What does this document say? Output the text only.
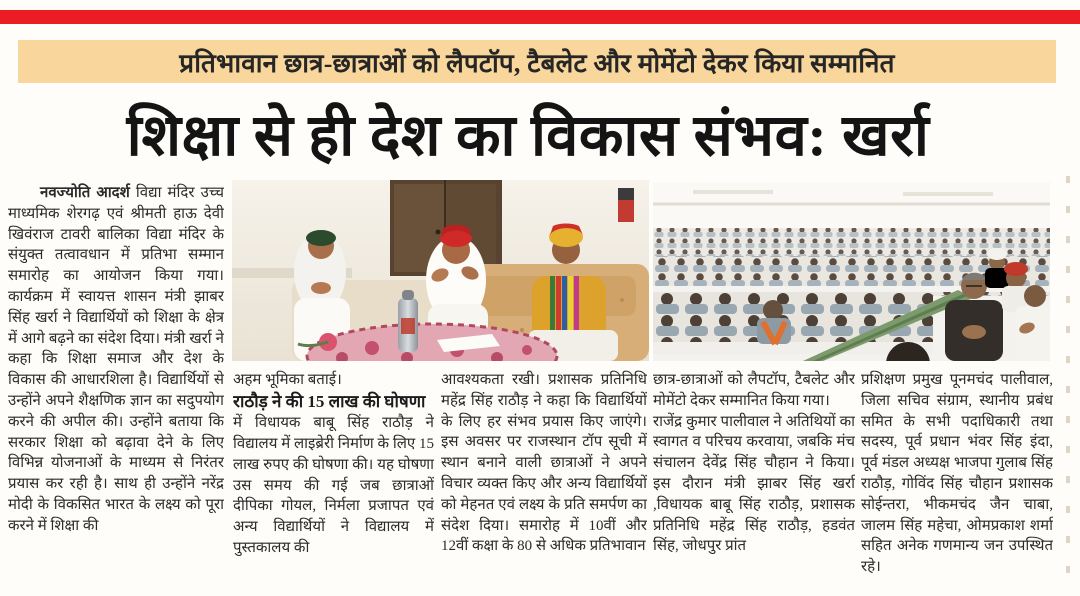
प्रतिभावान छात्र-छात्राओं को लैपटॉप, टैबलेट और मोमेंटो देकर किया सम्मानित
शिक्षा से ही देश का विकास संभव: खर्रा

नवज्योति आदर्श विद्या मंदिर उच्च माध्यमिक शेरगढ़ एवं श्रीमती हाऊ देवी खिवंराज टावरी बालिका विद्या मंदिर के संयुक्त तत्वावधान में प्रतिभा सम्मान समारोह का आयोजन किया गया। कार्यक्रम में स्वायत्त शासन मंत्री झाबर सिंह खर्रा ने विद्यार्थियों को शिक्षा के क्षेत्र में आगे बढ़ने का संदेश दिया। मंत्री खर्रा ने कहा कि शिक्षा समाज और देश के विकास की आधारशिला है। विद्यार्थियों से उन्होंने अपने शैक्षणिक ज्ञान का सदुपयोग करने की अपील की। उन्होंने बताया कि सरकार शिक्षा को बढ़ावा देने के लिए विभिन्न योजनाओं के माध्यम से निरंतर प्रयास कर रही है। साथ ही उन्होंने नरेंद्र मोदी के विकसित भारत के लक्ष्य को पूरा करने में शिक्षा की

अहम भूमिका बताई।

राठौड़ ने की 15 लाख की घोषणा

में विधायक बाबू सिंह राठौड़ ने विद्यालय में लाइब्रेरी निर्माण के लिए 15 लाख रुपए की घोषणा की। यह घोषणा उस समय की गई जब छात्राओं दीपिका गोयल, निर्मला प्रजापत एवं अन्य विद्यार्थियों ने विद्यालय में पुस्तकालय की

आवश्यकता रखी। प्रशासक प्रतिनिधि महेंद्र सिंह राठौड़ ने कहा कि विद्यार्थियों के लिए हर संभव प्रयास किए जाएंगे। इस अवसर पर राजस्थान टॉप सूची में स्थान बनाने वाली छात्राओं ने अपने विचार व्यक्त किए और अन्य विद्यार्थियों को मेहनत एवं लक्ष्य के प्रति समर्पण का संदेश दिया। समारोह में 10वीं और 12वीं कक्षा के 80 से अधिक प्रतिभावान

छात्र-छात्राओं को लैपटॉप, टैबलेट और मोमेंटो देकर सम्मानित किया गया।

राजेंद्र कुमार पालीवाल ने अतिथियों का स्वागत व परिचय करवाया, जबकि मंच संचालन देवेंद्र सिंह चौहान ने किया। इस दौरान मंत्री झाबर सिंह खर्रा ,विधायक बाबू सिंह राठौड़, प्रशासक प्रतिनिधि महेंद्र सिंह राठौड़, हडवंत सिंह, जोधपुर प्रांत

प्रशिक्षण प्रमुख पूनमचंद पालीवाल, जिला सचिव संग्राम, स्थानीय प्रबंध समित के सभी पदाधिकारी तथा सदस्य, पूर्व प्रधान भंवर सिंह इंदा, पूर्व मंडल अध्यक्ष भाजपा गुलाब सिंह राठौड़, गोविंद सिंह चौहान प्रशासक सोईन्तरा, भीकमचंद जैन चाबा, जालम सिंह महेचा, ओमप्रकाश शर्मा सहित अनेक गणमान्य जन उपस्थित रहे।
